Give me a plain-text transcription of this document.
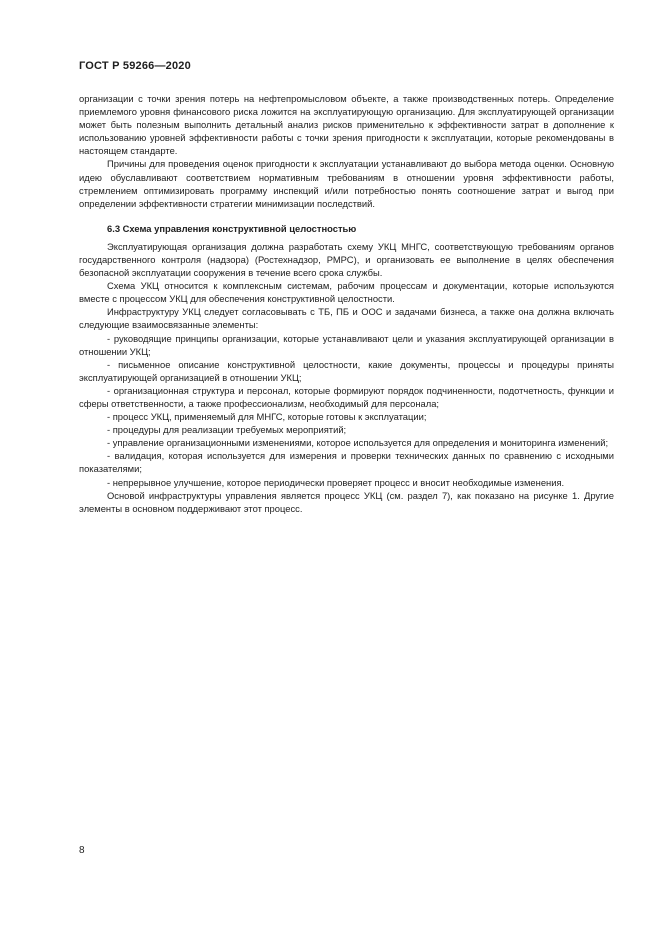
ГОСТ Р 59266—2020

организации с точки зрения потерь на нефтепромысловом объекте, а также производственных потерь. Определение приемлемого уровня финансового риска ложится на эксплуатирующую организацию. Для эксплуатирующей организации может быть полезным выполнить детальный анализ рисков применительно к эффективности затрат в дополнение к использованию уровней эффективности работы с точки зрения пригодности к эксплуатации, которые рекомендованы в настоящем стандарте.

Причины для проведения оценок пригодности к эксплуатации устанавливают до выбора метода оценки. Основную идею обуславливают соответствием нормативным требованиям в отношении уровня эффективности работы, стремлением оптимизировать программу инспекций и/или потребностью понять соотношение затрат и выгод при определении эффективности стратегии минимизации последствий.

6.3 Схема управления конструктивной целостностью

Эксплуатирующая организация должна разработать схему УКЦ МНГС, соответствующую требованиям органов государственного контроля (надзора) (Ростехнадзор, РМРС), и организовать ее выполнение в целях обеспечения безопасной эксплуатации сооружения в течение всего срока службы.

Схема УКЦ относится к комплексным системам, рабочим процессам и документации, которые используются вместе с процессом УКЦ для обеспечения конструктивной целостности.

Инфраструктуру УКЦ следует согласовывать с ТБ, ПБ и ООС и задачами бизнеса, а также она должна включать следующие взаимосвязанные элементы:

- руководящие принципы организации, которые устанавливают цели и указания эксплуатирующей организации в отношении УКЦ;

- письменное описание конструктивной целостности, какие документы, процессы и процедуры приняты эксплуатирующей организацией в отношении УКЦ;

- организационная структура и персонал, которые формируют порядок подчиненности, подотчетность, функции и сферы ответственности, а также профессионализм, необходимый для персонала;

- процесс УКЦ, применяемый для МНГС, которые готовы к эксплуатации;

- процедуры для реализации требуемых мероприятий;

- управление организационными изменениями, которое используется для определения и мониторинга изменений;

- валидация, которая используется для измерения и проверки технических данных по сравнению с исходными показателями;

- непрерывное улучшение, которое периодически проверяет процесс и вносит необходимые изменения.

Основой инфраструктуры управления является процесс УКЦ (см. раздел 7), как показано на рисунке 1. Другие элементы в основном поддерживают этот процесс.

8
